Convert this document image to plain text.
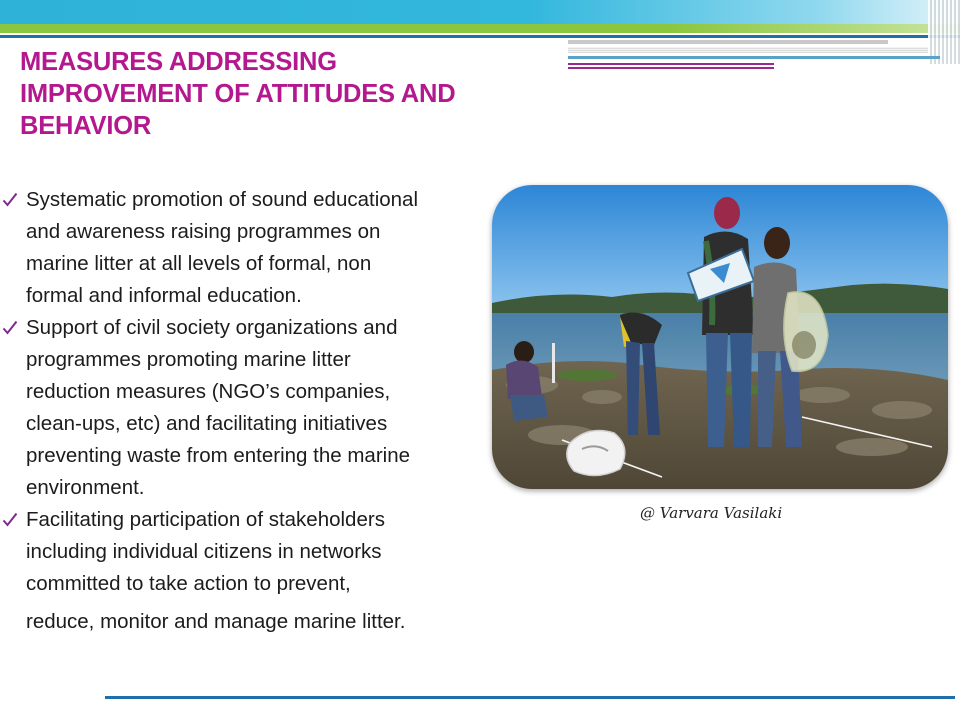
MEASURES ADDRESSING
IMPROVEMENT OF ATTITUDES AND
BEHAVIOR
Systematic promotion of sound educational
and awareness raising programmes on
marine litter at all levels of formal, non
formal and informal education.
Support of civil society organizations and
programmes promoting marine litter
reduction measures (NGO’s companies,
clean-ups, etc) and facilitating initiatives
preventing waste from entering the marine
environment.
Facilitating participation of stakeholders
including individual citizens in networks
committed to take action to prevent,
reduce, monitor and manage marine litter.
@ Varvara Vasilaki
